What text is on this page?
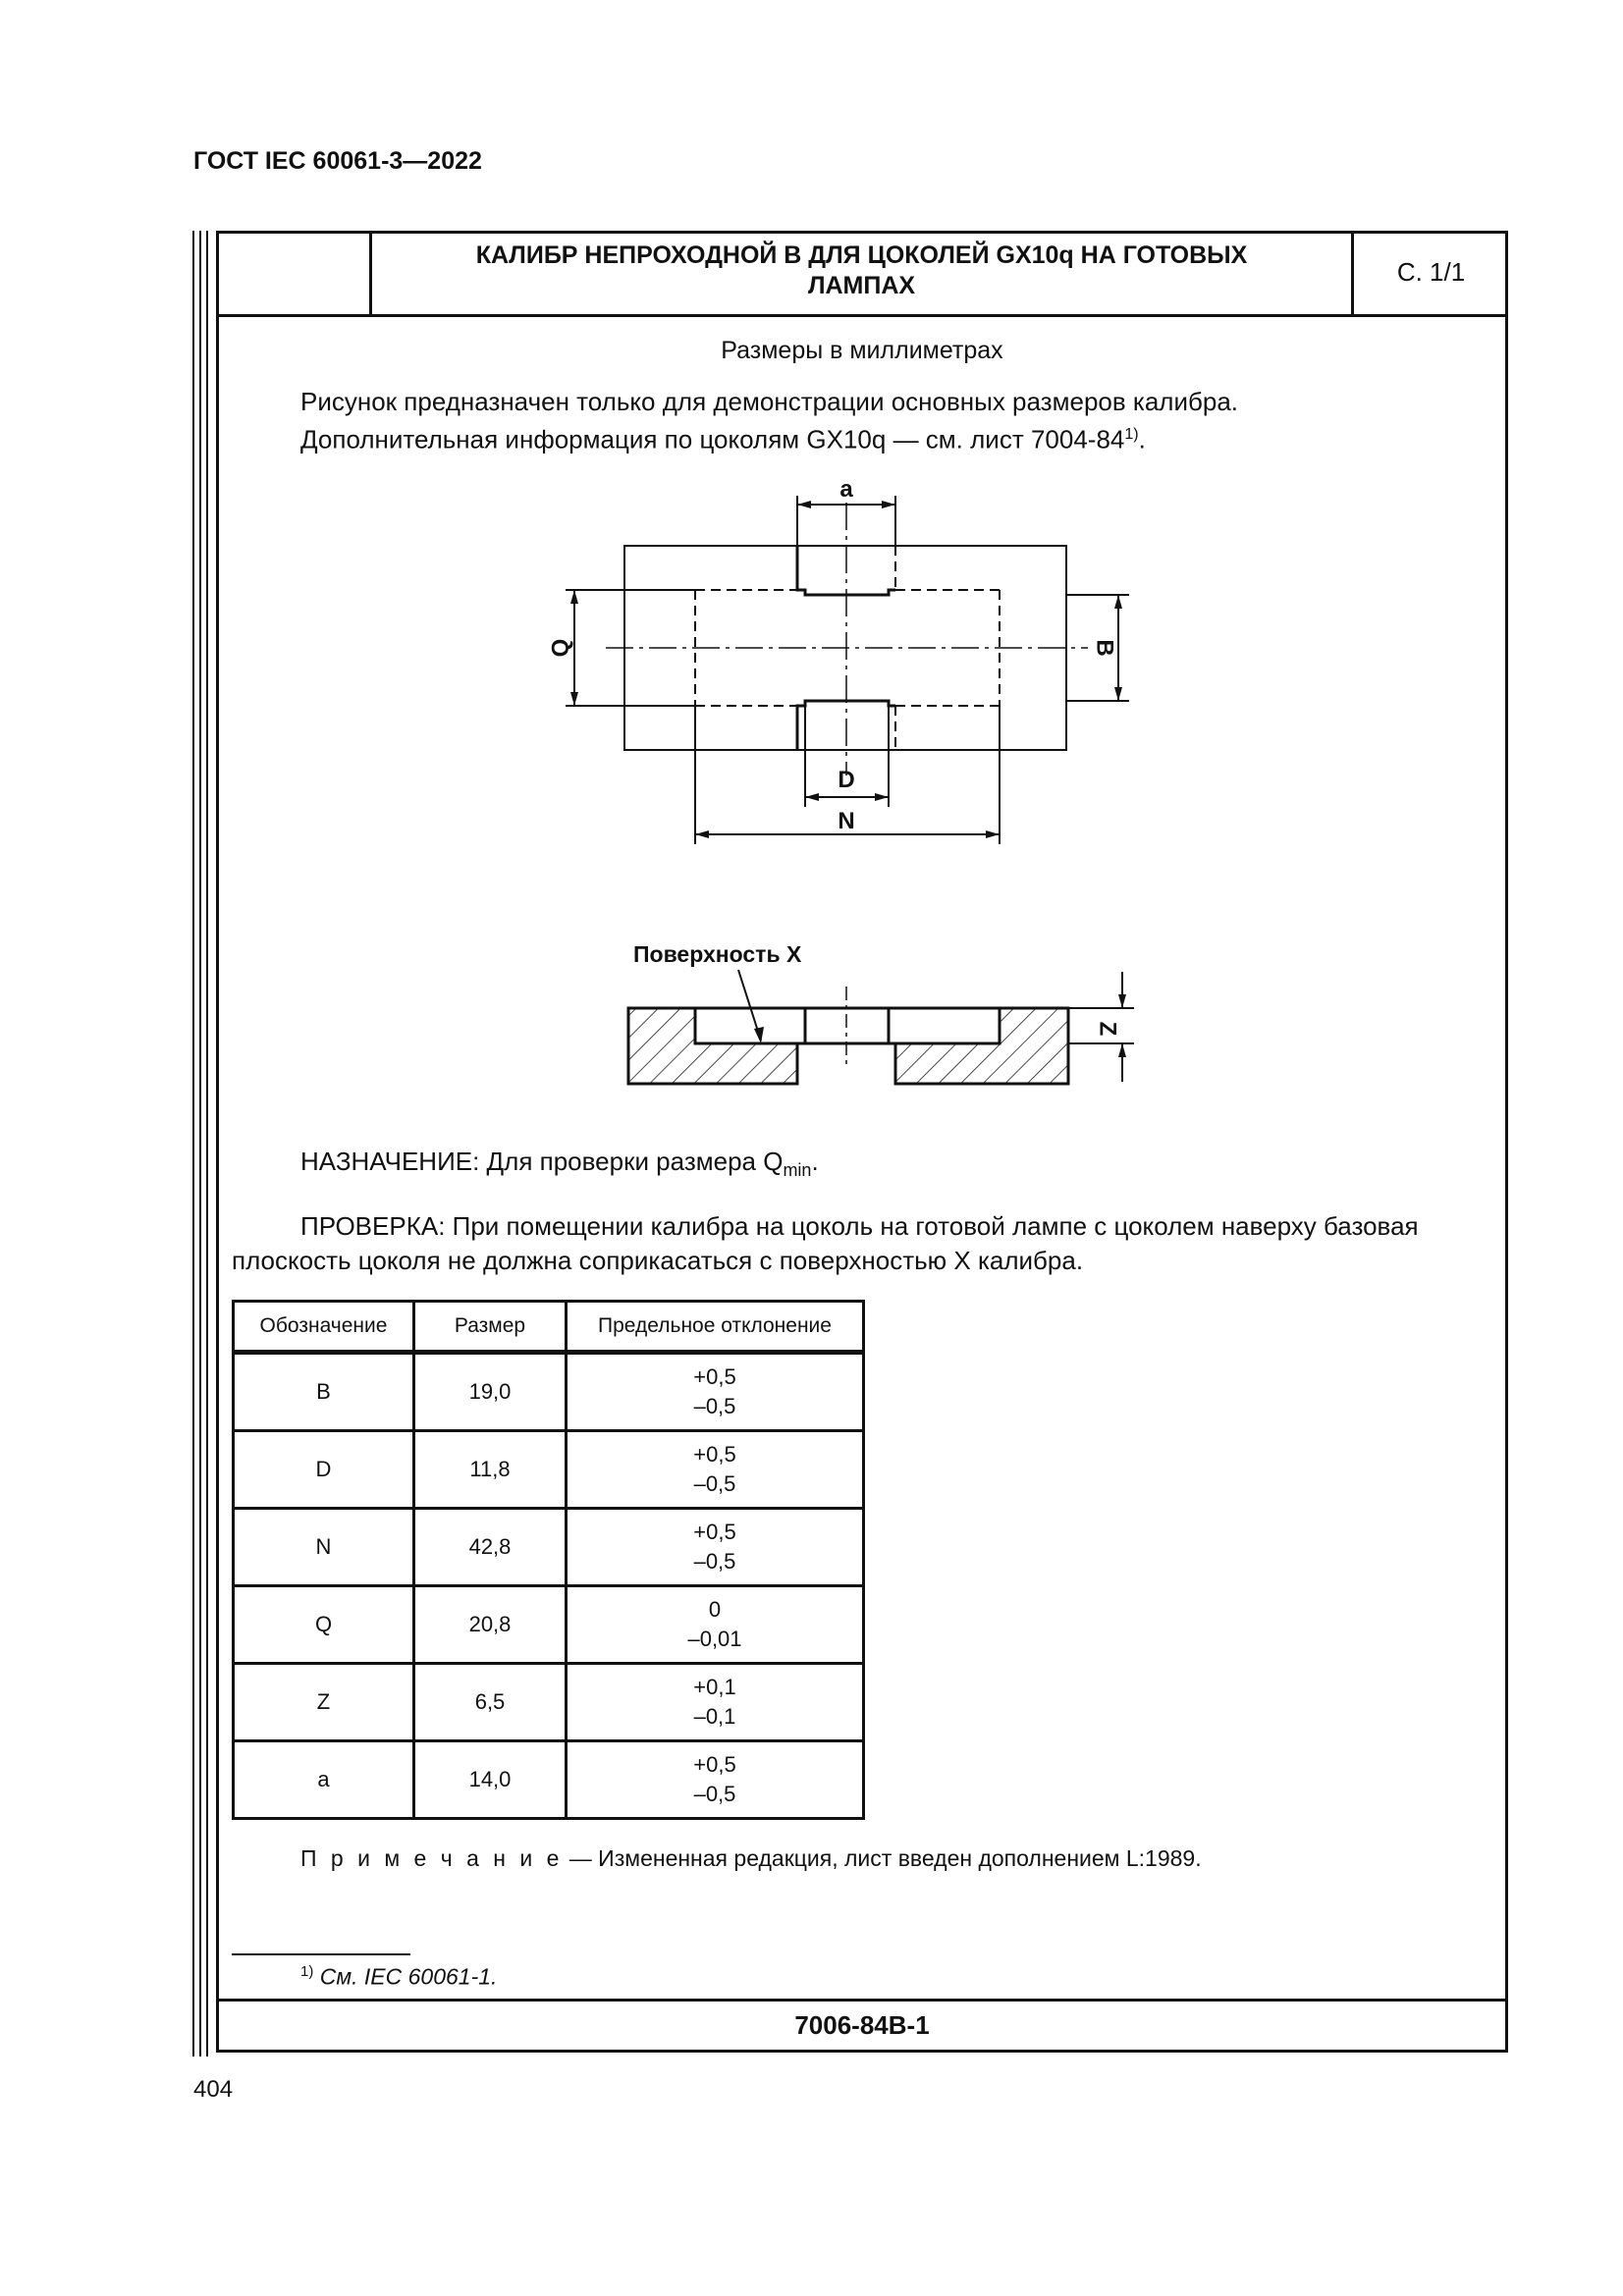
ГОСТ IEC 60061-3—2022
КАЛИБР НЕПРОХОДНОЙ В ДЛЯ ЦОКОЛЕЙ GX10q НА ГОТОВЫХ
ЛАМПАХ	С. 1/1
Размеры в миллиметрах
Рисунок предназначен только для демонстрации основных размеров калибра.
Дополнительная информация по цоколям GX10q — см. лист 7004-84$^{1)}$.
a
Q	B
D
N
Z
Поверхность X
НАЗНАЧЕНИЕ: Для проверки размера $Q_{min}$.
ПРОВЕРКА: При помещении калибра на цоколь на готовой лампе с цоколем наверху базовая
плоскость цоколя не должна соприкасаться с поверхностью X калибра.
Обозначение	Размер	Предельное отклонение
B	19,0	+0,5
–0,5

D	11,8	+0,5
–0,5

N	42,8	+0,5
–0,5

Q	20,8	0
–0,01

Z	6,5	+0,1
–0,1

a	14,0	+0,5
–0,5
П р и м е ч а н и е — Измененная редакция, лист введен дополнением L:1989.
$^{1)}$ См. IEC 60061-1.
7006-84B-1
404
